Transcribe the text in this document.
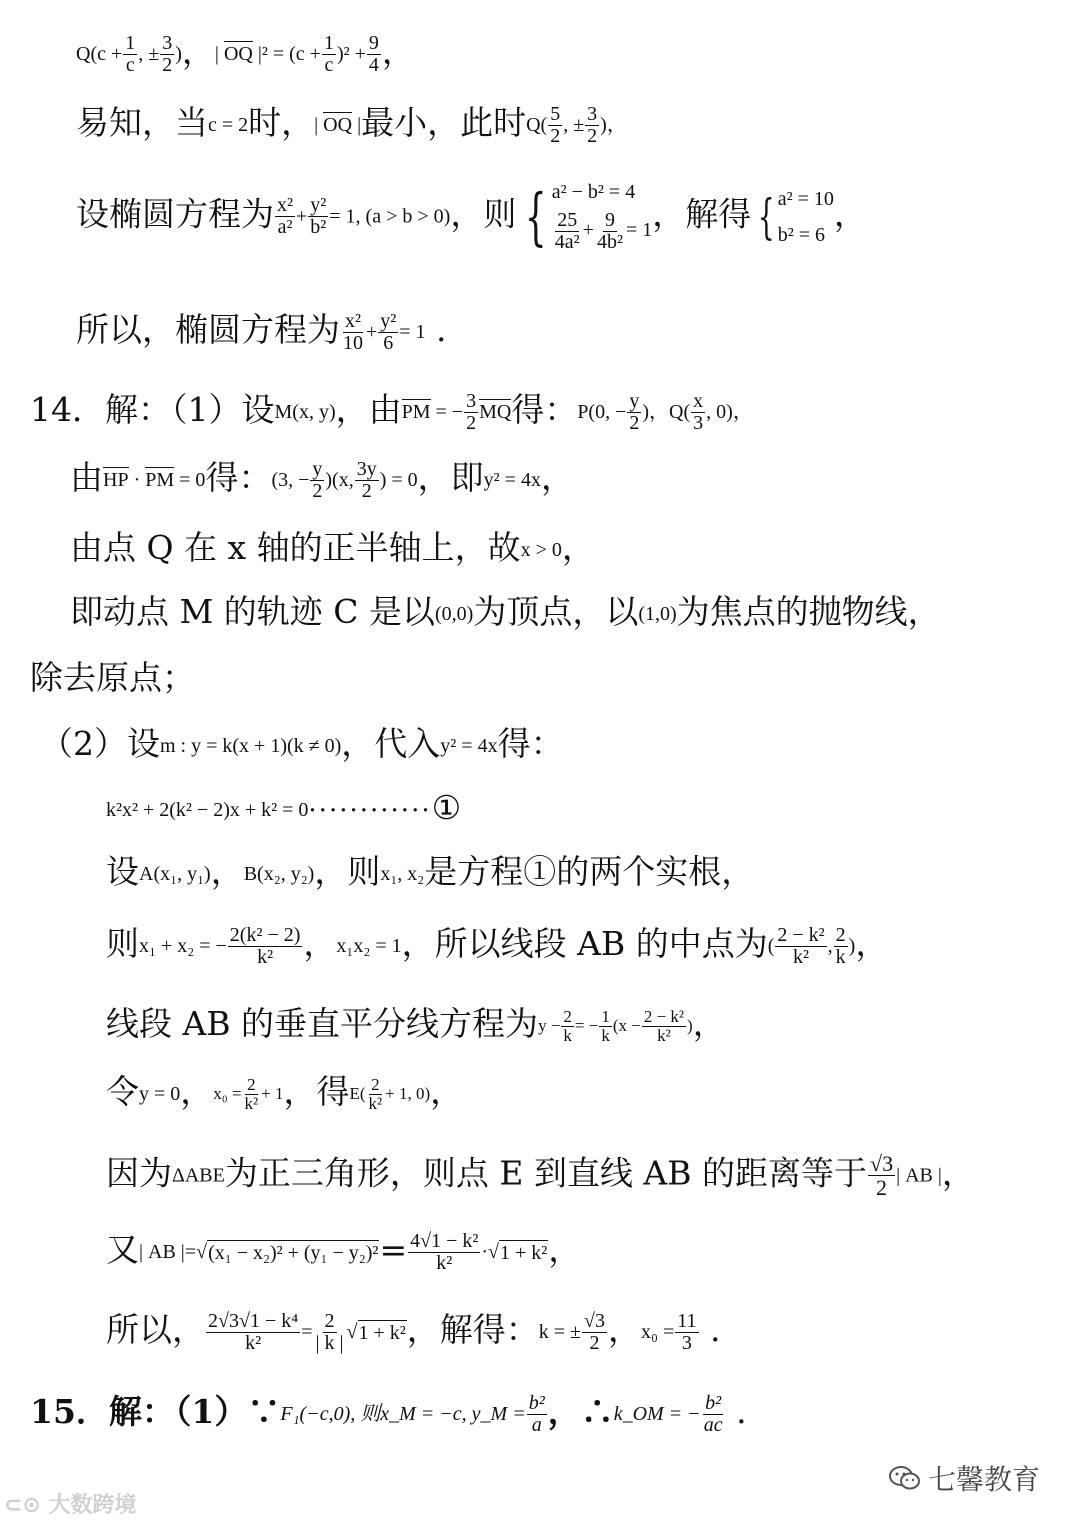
$Q(c + \frac{1}{c}$ , ± $\frac{3}{2}$ )，| OQ $|^2 = (c + \frac{1}{c} )^2 + \frac{9}{4}$ ，
易知，当c = 2时，| OQ |最小，此时$Q( \frac{5}{2}$ , ± $\frac{3}{2}$ )，
设椭圆方程为 $\frac{\text{x²}}{\text{a²}} + \frac{\text{y²}}{\text{b²}} = 1$, (a > b > 0)，则 { a² − b² = 4
$\frac{25}{\text{4a²}} + \frac{9}{\text{4b²}} = 1$ ，解得 { a² = 10
b² = 6
，
所以，椭圆方程为 $\frac{\text{x²}}{10} + \frac{\text{y²}}{6} = 1$ .
14．解：（1）设M(x, y)，由PM = − $\frac{3}{2}$ MQ得：P(0, − $\frac{y}{2}$ )，$Q( \frac{x}{3}$ , 0)，
由HP · PM = 0得：(3, − $\frac{y}{2} )(x$, $\frac{3y}{2}$ ) = 0，即y² = 4x，
由点 Q 在 x 轴的正半轴上，故x > 0，
即动点 M 的轨迹 C 是以(0,0)为顶点，以(1,0)为焦点的抛物线，
除去原点；
（2）设m : y = k(x + 1)(k ≠ 0)，代入y² = 4x得：
k²x² + 2(k² − 2)x + k² = 0············①
设A(x₁, y₁)，B(x₂, y₂)，则x₁, x₂是方程①的两个实根，
则x₁ + x₂ = − $\frac{\text{2(k² − 2)}}{\text{k²}}$ ，x₁x₂ = 1，所以线段 AB 的中点为( $\frac{\text{2 − k²}}{\text{k²}}$ , $\frac{2}{k}$ )，
线段 AB 的垂直平分线方程为$y - \frac{2}{k}$ = − $\frac{1}{k} (x - \frac{\text{2 − k²}}{\text{k²}}$ )，
令y = 0，$x_0 = \frac{2}{\text{k²}} + 1$，得$E( \frac{2}{\text{k²}} + 1$, 0)，
因为ΔABE为正三角形，则点 E 到直线 AB 的距离等于 $\frac{√3}{2}$ | AB |，
又| AB |= √ $(x_1 - x_2)^2 + (y_1 - y_2)^2 = \frac{\text{4√1 − k²}}{\text{k²}}$ · √ 1 + k² ，
所以， $\frac{\text{2√3√1 − k⁴}}{\text{k²}} = \frac{2}{| k |}$ √ 1 + k² ，解得：k = ± $\frac{√3}{2}$ ，$x_0 = \frac{11}{3}$ .
15．解：（1）∵F₁(−c,0), 则x_M = −c, y_M = $\frac{\text{b²}}{a}$ ，∴k_OM = − $\frac{\text{b²}}{ac}$ .
⊂⊙ 大数跨境
七馨教育
